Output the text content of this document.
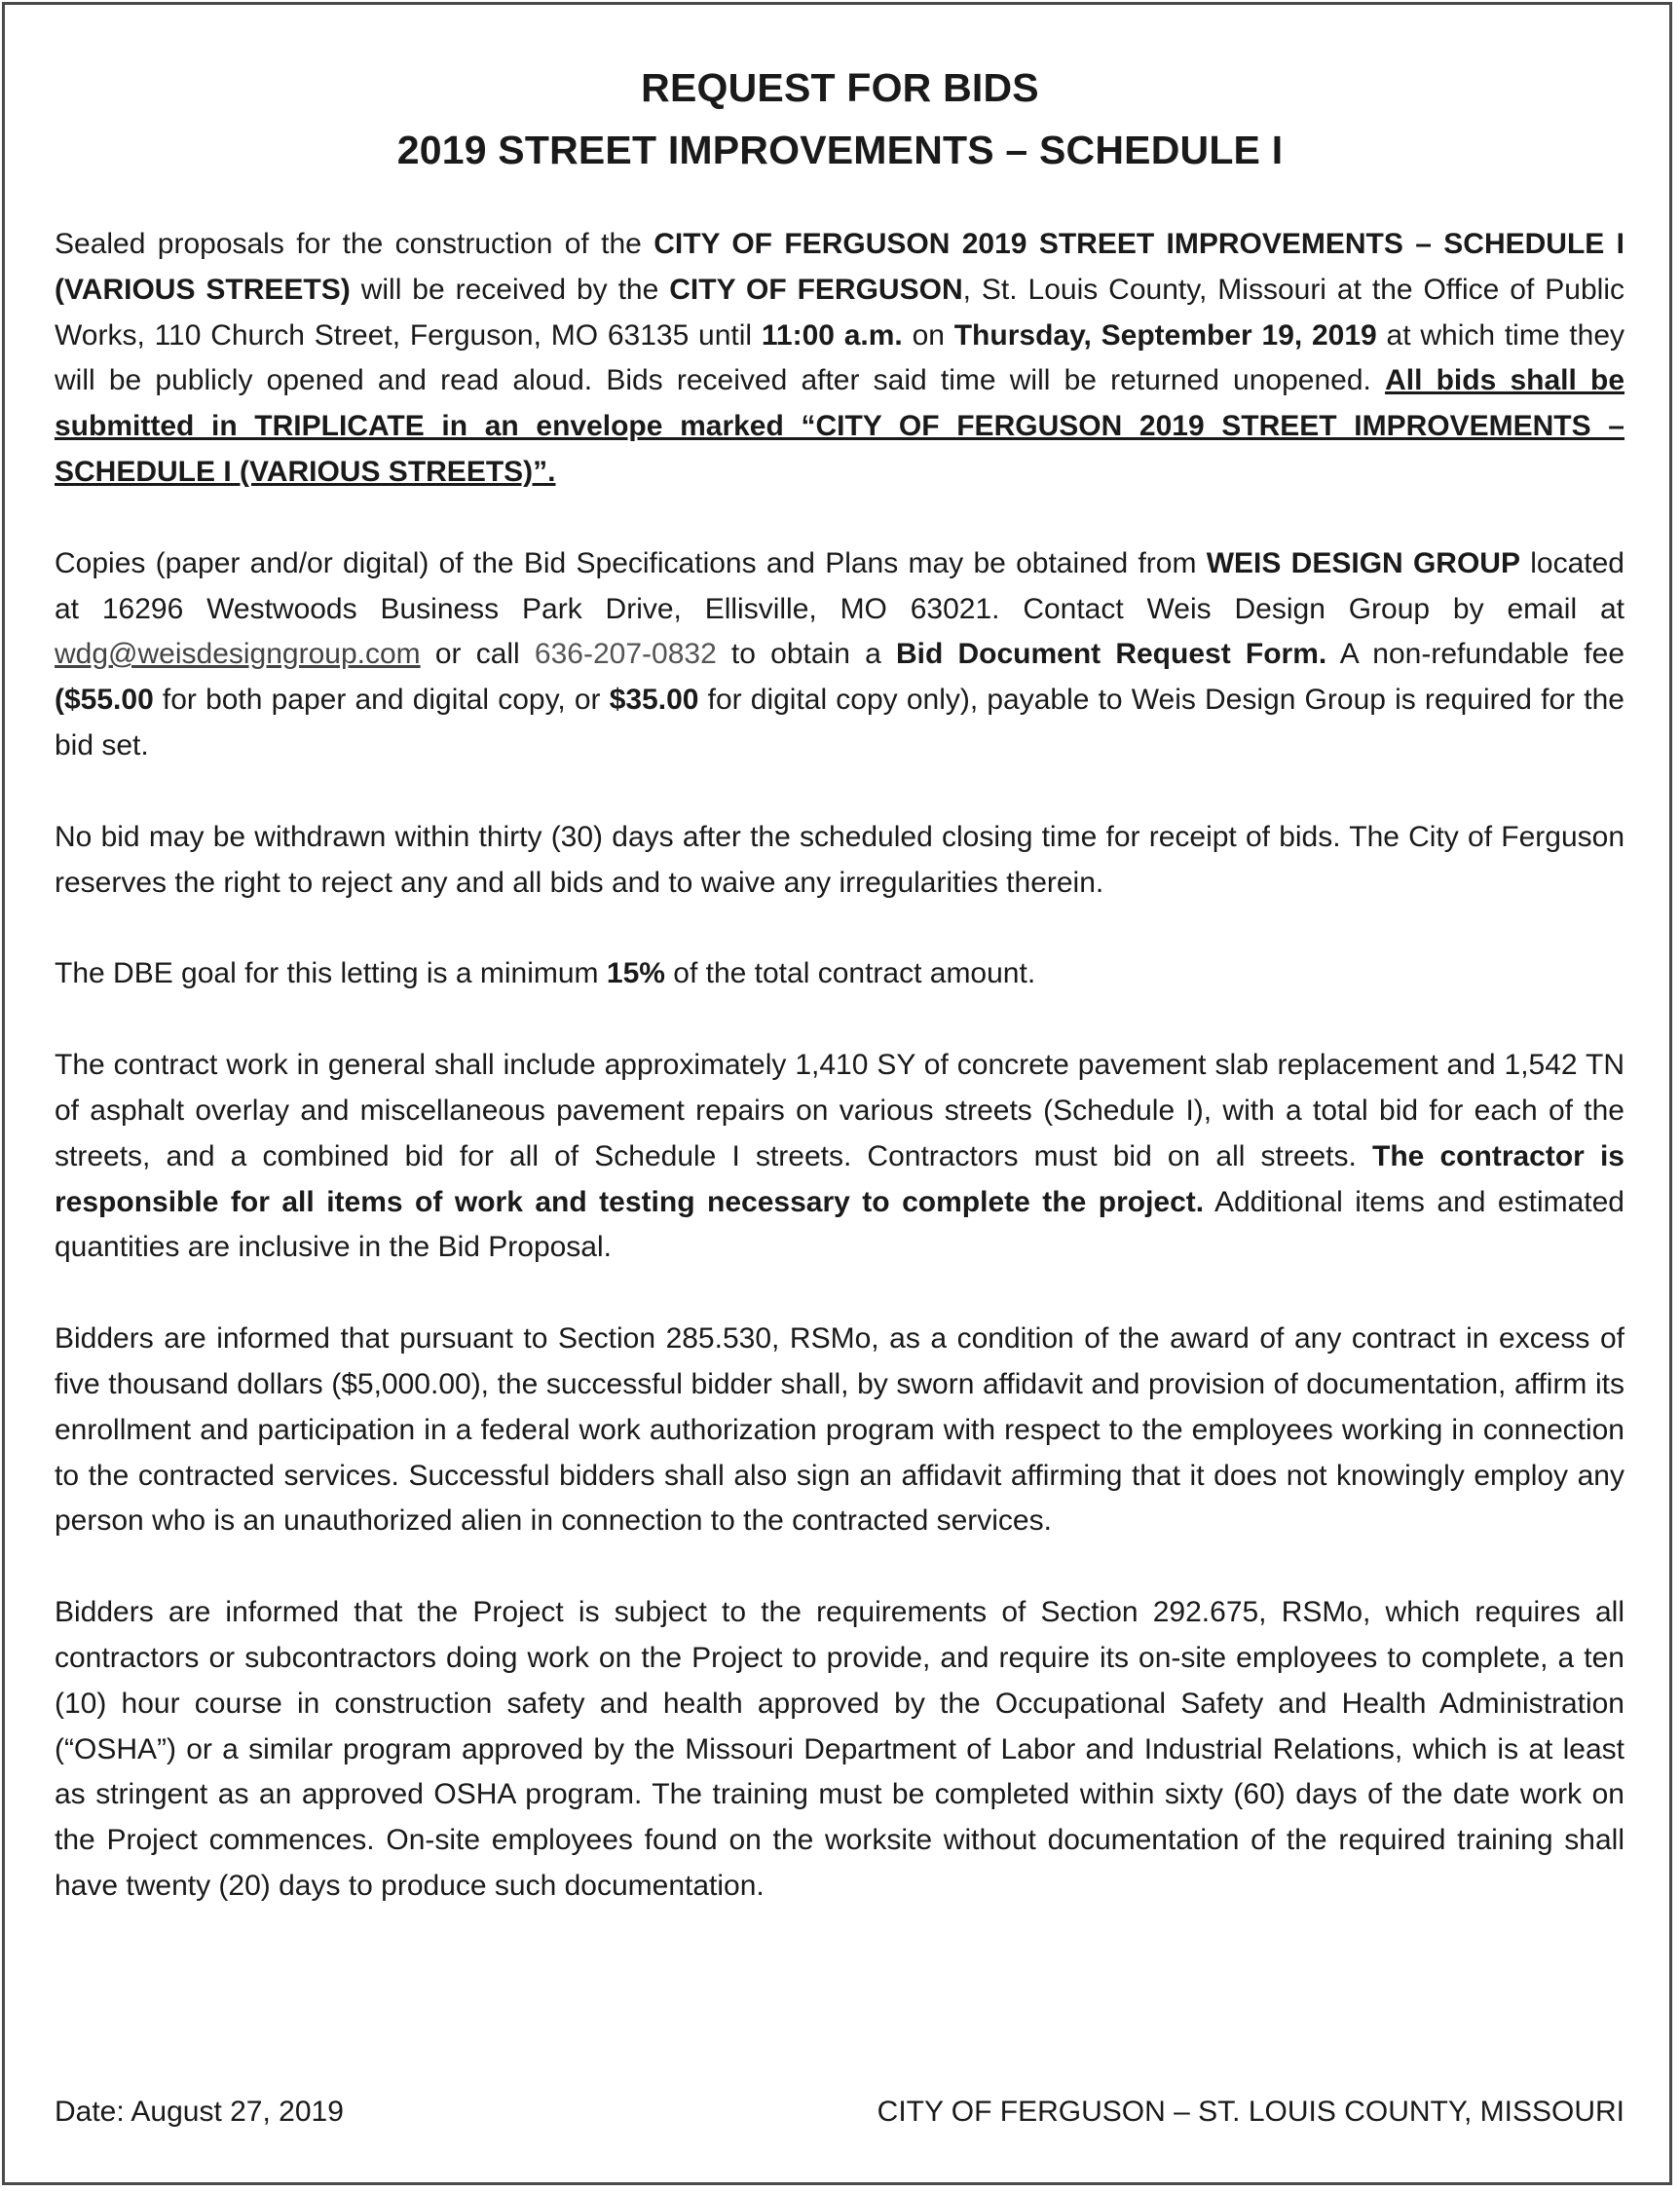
REQUEST FOR BIDS
2019 STREET IMPROVEMENTS – SCHEDULE I

Sealed proposals for the construction of the CITY OF FERGUSON 2019 STREET IMPROVEMENTS – SCHEDULE I (VARIOUS STREETS) will be received by the CITY OF FERGUSON, St. Louis County, Missouri at the Office of Public Works, 110 Church Street, Ferguson, MO 63135 until 11:00 a.m. on Thursday, September 19, 2019 at which time they will be publicly opened and read aloud. Bids received after said time will be returned unopened. All bids shall be submitted in TRIPLICATE in an envelope marked “CITY OF FERGUSON 2019 STREET IMPROVEMENTS – SCHEDULE I (VARIOUS STREETS)”.

Copies (paper and/or digital) of the Bid Specifications and Plans may be obtained from WEIS DESIGN GROUP located at 16296 Westwoods Business Park Drive, Ellisville, MO 63021. Contact Weis Design Group by email at wdg@weisdesigngroup.com or call 636-207-0832 to obtain a Bid Document Request Form. A non-refundable fee ($55.00 for both paper and digital copy, or $35.00 for digital copy only), payable to Weis Design Group is required for the bid set.

No bid may be withdrawn within thirty (30) days after the scheduled closing time for receipt of bids. The City of Ferguson reserves the right to reject any and all bids and to waive any irregularities therein.

The DBE goal for this letting is a minimum 15% of the total contract amount.

The contract work in general shall include approximately 1,410 SY of concrete pavement slab replacement and 1,542 TN of asphalt overlay and miscellaneous pavement repairs on various streets (Schedule I), with a total bid for each of the streets, and a combined bid for all of Schedule I streets. Contractors must bid on all streets. The contractor is responsible for all items of work and testing necessary to complete the project. Additional items and estimated quantities are inclusive in the Bid Proposal.

Bidders are informed that pursuant to Section 285.530, RSMo, as a condition of the award of any contract in excess of five thousand dollars ($5,000.00), the successful bidder shall, by sworn affidavit and provision of documentation, affirm its enrollment and participation in a federal work authorization program with respect to the employees working in connection to the contracted services. Successful bidders shall also sign an affidavit affirming that it does not knowingly employ any person who is an unauthorized alien in connection to the contracted services.

Bidders are informed that the Project is subject to the requirements of Section 292.675, RSMo, which requires all contractors or subcontractors doing work on the Project to provide, and require its on-site employees to complete, a ten (10) hour course in construction safety and health approved by the Occupational Safety and Health Administration (“OSHA”) or a similar program approved by the Missouri Department of Labor and Industrial Relations, which is at least as stringent as an approved OSHA program. The training must be completed within sixty (60) days of the date work on the Project commences. On-site employees found on the worksite without documentation of the required training shall have twenty (20) days to produce such documentation.

Date: August 27, 2019	CITY OF FERGUSON – ST. LOUIS COUNTY, MISSOURI
